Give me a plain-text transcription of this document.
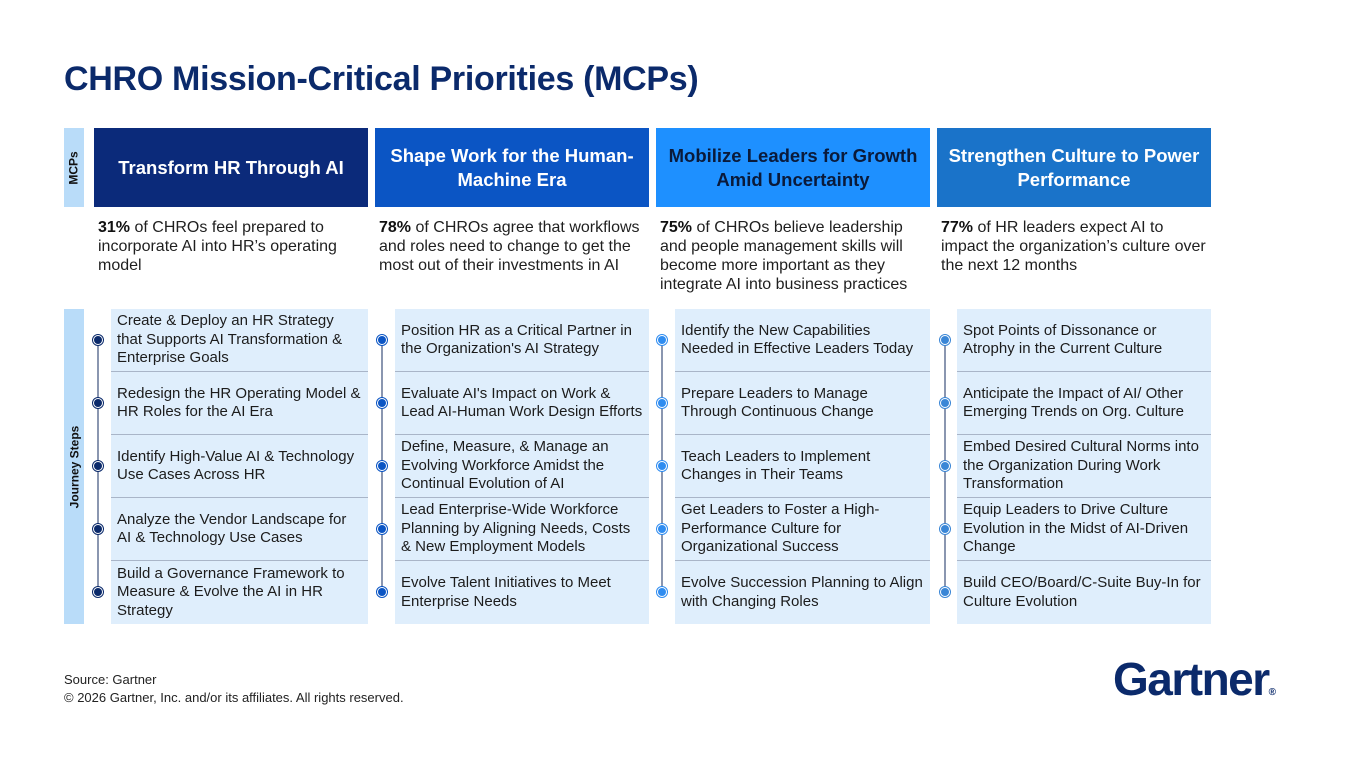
CHRO Mission-Critical Priorities (MCPs)
MCPs
Journey Steps
Transform HR Through AI
31% of CHROs feel prepared to incorporate AI into HR’s operating model
Shape Work for the Human-Machine Era
78% of CHROs agree that workflows and roles need to change to get the most out of their investments in AI
Mobilize Leaders for Growth Amid Uncertainty
75% of CHROs believe leadership and people management skills will become more important as they integrate AI into business practices
Strengthen Culture to Power Performance
77% of HR leaders expect AI to impact the organization’s culture over the next 12 months
Create & Deploy an HR Strategy that Supports AI Transformation & Enterprise Goals
Redesign the HR Operating Model & HR Roles for the AI Era
Identify High-Value AI & Technology Use Cases Across HR
Analyze the Vendor Landscape for AI & Technology Use Cases
Build a Governance Framework to Measure & Evolve the AI in HR Strategy
Position HR as a Critical Partner in the Organization's AI Strategy
Evaluate AI's Impact on Work & Lead AI-Human Work Design Efforts
Define, Measure, & Manage an Evolving Workforce Amidst the Continual Evolution of AI
Lead Enterprise-Wide Workforce Planning by Aligning Needs, Costs & New Employment Models
Evolve Talent Initiatives to Meet Enterprise Needs
Identify the New Capabilities Needed in Effective Leaders Today
Prepare Leaders to Manage Through Continuous Change
Teach Leaders to Implement Changes in Their Teams
Get Leaders to Foster a High-Performance Culture for Organizational Success
Evolve Succession Planning to Align with Changing Roles
Spot Points of Dissonance or Atrophy in the Current Culture
Anticipate the Impact of AI/ Other Emerging Trends on Org. Culture
Embed Desired Cultural Norms into the Organization During Work Transformation
Equip Leaders to Drive Culture Evolution in the Midst of AI-Driven Change
Build CEO/Board/C-Suite Buy-In for Culture Evolution
Source: Gartner
© 2026 Gartner, Inc. and/or its affiliates. All rights reserved.	Gartner®
